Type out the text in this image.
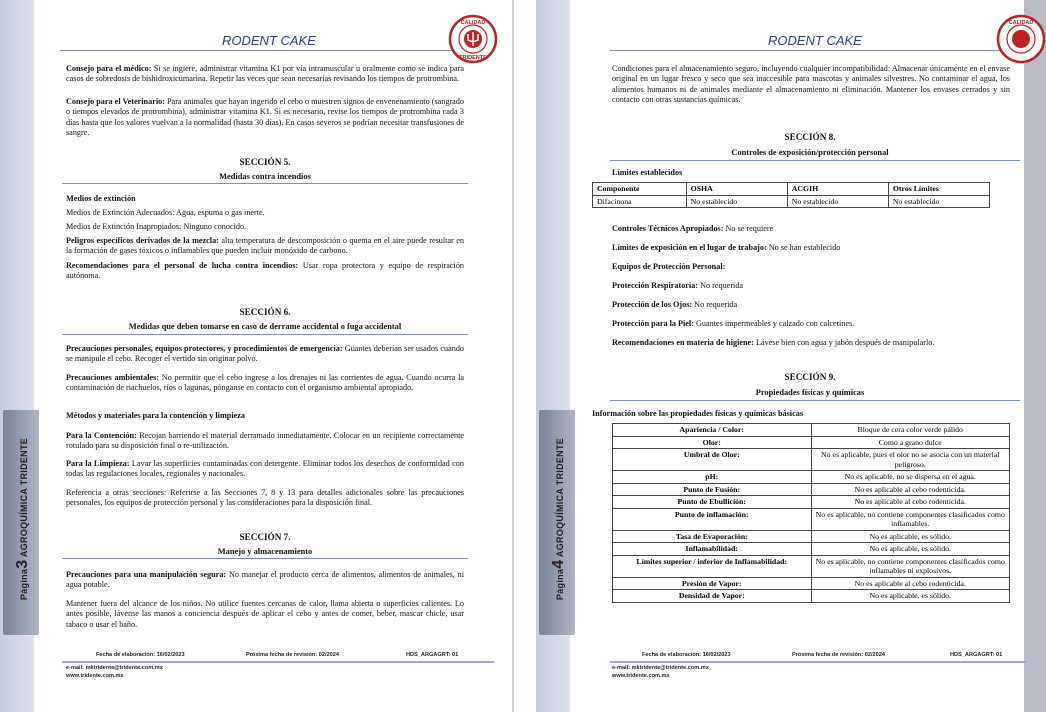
Página3 AGROQUÍMICA TRIDENTE
RODENT CAKE
CALIDAD
TRIDENTE
Consejo para el médico: Si se ingiere, administrar vitamina K1 por vía intramuscular u oralmente como se indica para casos de sobredosis de bishidroxicumarina. Repetir las veces que sean necesarias revisando los tiempos de protrombina.
Consejo para el Veterinario: Para animales que hayan ingerido el cebo o muestren signos de envenenamiento (sangrado o tiempos elevados de protrombina), administrar vitamina K1. Si es necesario, revise los tiempos de protrombina cada 3 días hasta que los valores vuelvan a la normalidad (hasta 30 días). En casos severos se podrían necesitar transfusiones de sangre.
SECCIÓN 5.
Medidas contra incendios
Medios de extinción
Medios de Extinción Adecuados: Agua, espuma o gas inerte.
Medios de Extinción Inapropiados: Ninguno conocido.
Peligros específicos derivados de la mezcla: alta temperatura de descomposición o quema en el aire puede resultar en la formación de gases tóxicos o inflamables que pueden incluir monóxido de carbono.
Recomendaciones para el personal de lucha contra incendios: Usar ropa protectora y equipo de respiración autónoma.
SECCIÓN 6.
Medidas que deben tomarse en caso de derrame accidental o fuga accidental
Precauciones personales, equipos protectores, y procedimientos de emergencia: Guantes deberían ser usados cuando se manipule el cebo. Recoger el vertido sin originar polvo.
Precauciones ambientales: No permitir que el cebo ingrese a los drenajes ni las corrientes de agua. Cuando ocurra la contaminación de riachuelos, ríos o lagunas, pónganse en contacto con el organismo ambiental apropiado.
Métodos y materiales para la contención y limpieza
Para la Contención: Recojan barriendo el material derramado inmediatamente. Colocar en un recipiente correctamente rotulado para su disposición final o re-utilización.
Para la Limpieza: Lavar las superficies contaminadas con detergente. Eliminar todos los desechos de conformidad con todas las regulaciones locales, regionales y nacionales.
Referencia a otras secciones: Referirse a las Secciones 7, 8 y 13 para detalles adicionales sobre las precauciones personales, los equipos de protección personal y las consideraciones para la disposición final.
SECCIÓN 7.
Manejo y almacenamiento
Precauciones para una manipulación segura: No manejar el producto cerca de alimentos, alimentos de animales, ni agua potable.
Mantener fuera del alcance de los niños. No utilice fuentes cercanas de calor, llama abierta o superficies calientes. Lo antes posible, lávense las manos a conciencia después de aplicar el cebo y antes de comer, beber, mascar chicle, usar tabaco o usar el baño.
Fecha de elaboración: 16/02/2023	Próxima fecha de revisión: 02/2024	HDS_ARGAGRT: 01
e-mail: mktridente@tridente.com.mx
www.tridente.com.mx
Página4 AGROQUÍMICA TRIDENTE
RODENT CAKE
CALIDAD
Condiciones para el almacenamiento seguro, incluyendo cualquier incompatibilidad: Almacenar únicamente en el envase original en un lugar fresco y seco que sea inaccesible para mascotas y animales silvestres. No contaminar el agua, los alimentos humanos ni de animales mediante el almacenamiento ni eliminación. Mantener los envases cerrados y sin contacto con otras sustancias químicas.
SECCIÓN 8.
Controles de exposición/protección personal
Límites establecidos
Componente	OSHA	ACGIH	Otros Límites
Difacinona	No establecido	No establecido	No establecido
Controles Técnicos Apropiados: No se requiere
Límites de exposición en el lugar de trabajo: No se han establecido
Equipos de Protección Personal:
Protección Respiratoria: No requerida
Protección de los Ojos: No requerida
Protección para la Piel: Guantes impermeables y calzado con calcetines.
Recomendaciones en materia de higiene: Lávese bien con agua y jabón después de manipularlo.
SECCIÓN 9.
Propiedades físicas y químicas
Información sobre las propiedades físicas y químicas básicas
Apariencia / Color:	Bloque de cera color verde pálido
Olor:	Como a grano dulce
Umbral de Olor:	No es aplicable, pues el olor no se asocia con un material peligroso.
pH:	No es aplicable, no se dispersa en el agua.
Punto de Fusión:	No es aplicable al cebo rodenticida.
Punto de Ebullición:	No es aplicable al cebo rodenticida.
Punto de inflamación:	No es aplicable, no contiene componentes clasificados como inflamables.
Tasa de Evaporación:	No es aplicable, es sólido.
Inflamabilidad:	No es aplicable, es sólido.
Límites superior / inferior de Inflamabilidad:	No es aplicable, no contiene componentes clasificados como inflamables ni explosivos.
Presión de Vapor:	No es aplicable al cebo rodenticida.
Densidad de Vapor:	No es aplicable, es sólido.
Fecha de elaboración: 16/02/2023	Próxima fecha de revisión: 02/2024	HDS_ARGAGRT: 01
e-mail: mktridente@tridente.com.mx
www.tridente.com.mx
